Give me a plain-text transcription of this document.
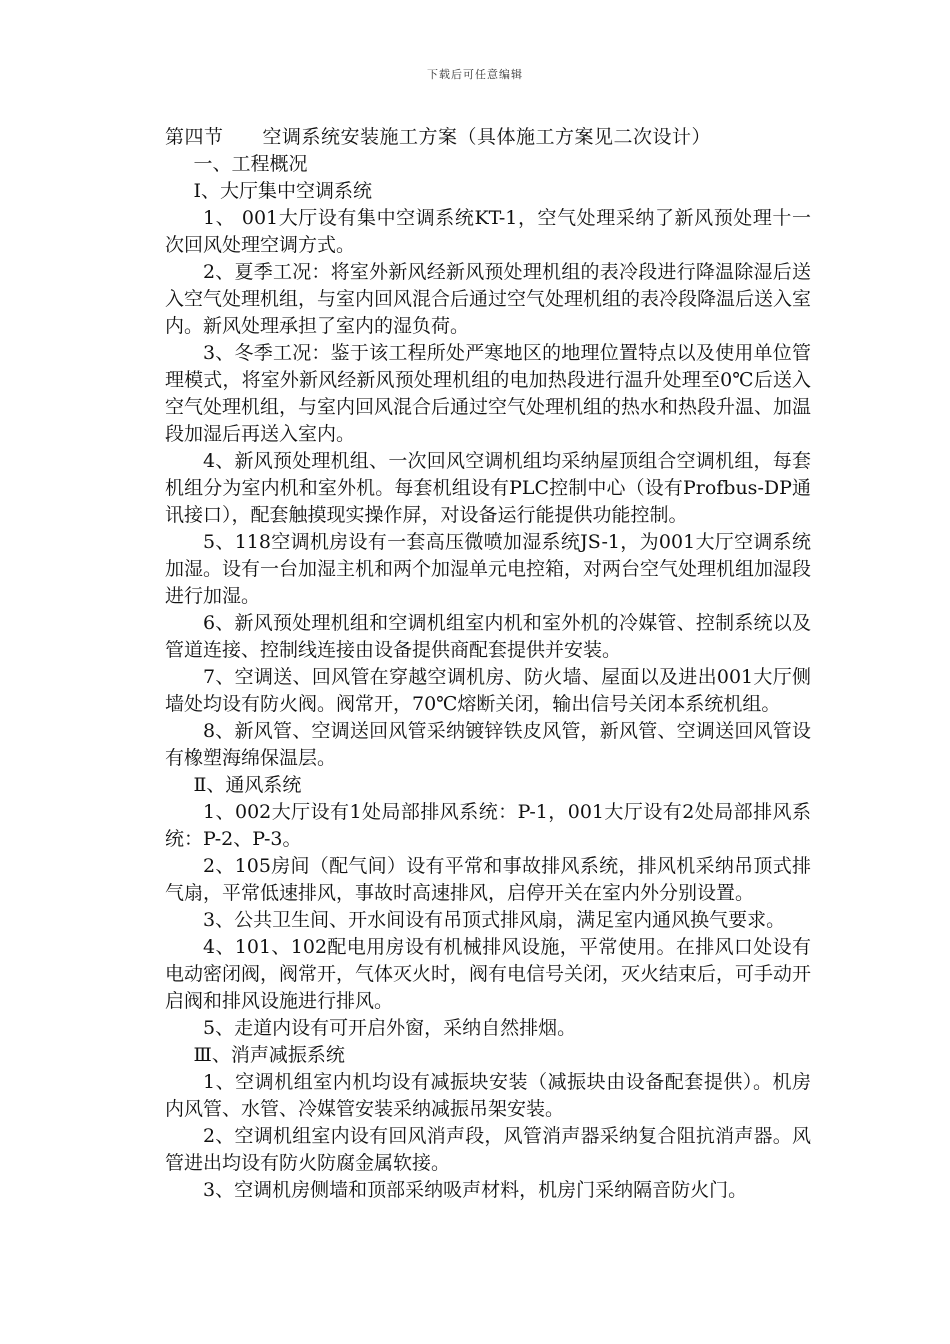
下载后可任意编辑

第四节　　空调系统安装施工方案（具体施工方案见二次设计）

一、工程概况

Ⅰ、大厅集中空调系统

1、 001大厅设有集中空调系统KT-1，空气处理采纳了新风预处理十一次回风处理空调方式。

2、夏季工况：将室外新风经新风预处理机组的表冷段进行降温除湿后送入空气处理机组，与室内回风混合后通过空气处理机组的表冷段降温后送入室内。新风处理承担了室内的湿负荷。

3、冬季工况：鉴于该工程所处严寒地区的地理位置特点以及使用单位管理模式，将室外新风经新风预处理机组的电加热段进行温升处理至0℃后送入空气处理机组，与室内回风混合后通过空气处理机组的热水和热段升温、加温段加湿后再送入室内。

4、新风预处理机组、一次回风空调机组均采纳屋顶组合空调机组，每套机组分为室内机和室外机。每套机组设有PLC控制中心（设有Profbus-DP通讯接口），配套触摸现实操作屏，对设备运行能提供功能控制。

5、118空调机房设有一套高压微喷加湿系统JS-1，为001大厅空调系统加湿。设有一台加湿主机和两个加湿单元电控箱，对两台空气处理机组加湿段进行加湿。

6、新风预处理机组和空调机组室内机和室外机的冷媒管、控制系统以及管道连接、控制线连接由设备提供商配套提供并安装。

7、空调送、回风管在穿越空调机房、防火墙、屋面以及进出001大厅侧墙处均设有防火阀。阀常开，70℃熔断关闭，输出信号关闭本系统机组。

8、新风管、空调送回风管采纳镀锌铁皮风管，新风管、空调送回风管设有橡塑海绵保温层。

Ⅱ、通风系统

1、002大厅设有1处局部排风系统：P-1，001大厅设有2处局部排风系统：P-2、P-3。

2、105房间（配气间）设有平常和事故排风系统，排风机采纳吊顶式排气扇，平常低速排风，事故时高速排风，启停开关在室内外分别设置。

3、公共卫生间、开水间设有吊顶式排风扇，满足室内通风换气要求。

4、101、102配电用房设有机械排风设施，平常使用。在排风口处设有电动密闭阀，阀常开，气体灭火时，阀有电信号关闭，灭火结束后，可手动开启阀和排风设施进行排风。

5、走道内设有可开启外窗，采纳自然排烟。

Ⅲ、消声减振系统

1、空调机组室内机均设有减振块安装（减振块由设备配套提供）。机房内风管、水管、冷媒管安装采纳减振吊架安装。

2、空调机组室内设有回风消声段，风管消声器采纳复合阻抗消声器。风管进出均设有防火防腐金属软接。

3、空调机房侧墙和顶部采纳吸声材料，机房门采纳隔音防火门。
